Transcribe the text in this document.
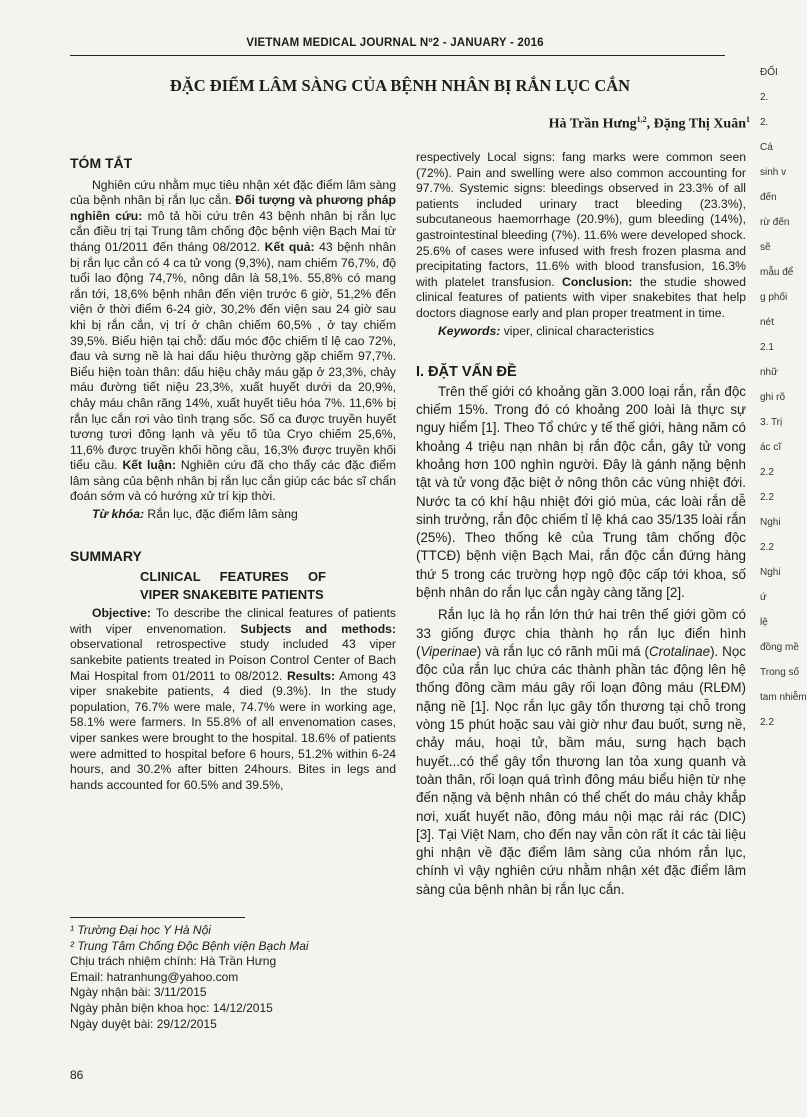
VIETNAM MEDICAL JOURNAL Nº2 - JANUARY - 2016
ĐẶC ĐIỂM LÂM SÀNG CỦA BỆNH NHÂN BỊ RẮN LỤC CẮN
Hà Trần Hưng$^{1,2}$, Đặng Thị Xuân$^1$
TÓM TẮT

Nghiên cứu nhằm mục tiêu nhận xét đặc điểm lâm sàng của bệnh nhân bị rắn lục cắn. Đối tượng và phương pháp nghiên cứu: mô tả hồi cứu trên 43 bệnh nhân bị rắn lục cắn điều trị tại Trung tâm chống độc bệnh viện Bạch Mai từ tháng 01/2011 đến tháng 08/2012. Kết quả: 43 bệnh nhân bị rắn lục cắn có 4 ca tử vong (9,3%), nam chiếm 76,7%, độ tuổi lao động 74,7%, nông dân là 58,1%. 55,8% có mang rắn tới, 18,6% bệnh nhân đến viện trước 6 giờ, 51,2% đến viện ở thời điểm 6-24 giờ, 30,2% đến viện sau 24 giờ sau khi bị rắn cắn, vị trí ở chân chiếm 60,5% , ở tay chiếm 39,5%. Biểu hiện tại chỗ: dấu móc độc chiếm tỉ lệ cao 72%, đau và sưng nề là hai dấu hiệu thường gặp chiếm 97,7%. Biểu hiện toàn thân: dấu hiệu chảy máu gặp ở 23,3%, chảy máu đường tiết niệu 23,3%, xuất huyết dưới da 20,9%, chảy máu chân răng 14%, xuất huyết tiêu hóa 7%. 11,6% bị rắn lục cắn rơi vào tình trạng sốc. Số ca được truyền huyết tương tươi đông lạnh và yếu tố tủa Cryo chiếm 25,6%, 11,6% được truyền khối hồng cầu, 16,3% được truyền khối tiểu cầu. Kết luận: Nghiên cứu đã cho thấy các đặc điểm lâm sàng của bệnh nhân bị rắn lục cắn giúp các bác sĩ chẩn đoán sớm và có hướng xử trí kịp thời.

Từ khóa: Rắn lục, đặc điểm lâm sàng

SUMMARY

CLINICAL FEATURES OF VIPER SNAKEBITE PATIENTS

Objective: To describe the clinical features of patients with viper envenomation. Subjects and methods: observational retrospective study included 43 viper sankebite patients treated in Poison Control Center of Bach Mai Hospital from 01/2011 to 08/2012. Results: Among 43 viper snakebite patients, 4 died (9.3%). In the study population, 76.7% were male, 74.7% were in working age, 58.1% were farmers. In 55.8% of all envenomation cases, viper sankes were brought to the hospital. 18.6% of patients were admitted to hospital before 6 hours, 51.2% within 6-24 hours, and 30.2% after bitten 24hours. Bites in legs and hands accounted for 60.5% and 39.5%,

respectively Local signs: fang marks were common seen (72%). Pain and swelling were also common accounting for 97.7%. Systemic signs: bleedings observed in 23.3% of all patients included urinary tract bleeding (23.3%), subcutaneous haemorrhage (20.9%), gum bleeding (14%), gastrointestinal bleeding (7%). 11.6% were developed shock. 25.6% of cases were infused with fresh frozen plasma and precipitating factors, 11.6% with blood transfusion, 16.3% with platelet transfusion. Conclusion: the studie showed clinical features of patients with viper snakebites that help doctors diagnose early and plan proper treatment in time.

Keywords: viper, clinical characteristics

I. ĐẶT VẤN ĐỀ

Trên thế giới có khoảng gần 3.000 loại rắn, rắn độc chiếm 15%. Trong đó có khoảng 200 loài là thực sự nguy hiểm [1]. Theo Tổ chức y tế thế giới, hàng năm có khoảng 4 triệu nạn nhân bị rắn độc cắn, gây tử vong khoảng hơn 100 nghìn người. Đây là gánh nặng bệnh tật và tử vong đặc biệt ở nông thôn các vùng nhiệt đới. Nước ta có khí hậu nhiệt đới gió mùa, các loài rắn dễ sinh trưởng, rắn độc chiếm tỉ lệ khá cao 35/135 loài rắn (25%). Theo thống kê của Trung tâm chống độc (TTCĐ) bệnh viện Bạch Mai, rắn độc cắn đứng hàng thứ 5 trong các trường hợp ngộ độc cấp tới khoa, số bệnh nhân do rắn lục cắn ngày càng tăng [2].

Rắn lục là họ rắn lớn thứ hai trên thế giới gồm có 33 giống được chia thành họ rắn lục điển hình (Viperinae) và rắn lục có rãnh mũi má (Crotalinae). Nọc độc của rắn lục chứa các thành phần tác động lên hệ thống đông cầm máu gây rối loạn đông máu (RLĐM) nặng nề [1]. Nọc rắn lục gây tổn thương tại chỗ trong vòng 15 phút hoặc sau vài giờ như đau buốt, sưng nề, chảy máu, hoại tử, bầm máu, sưng hạch bạch huyết...có thể gây tổn thương lan tỏa xung quanh và toàn thân, rối loạn quá trình đông máu biểu hiện từ nhẹ đến nặng và bệnh nhân có thể chết do máu chảy khắp nơi, xuất huyết não, đông máu nội mạc rải rác (DIC) [3]. Tại Việt Nam, cho đến nay vẫn còn rất ít các tài liệu ghi nhận về đặc điểm lâm sàng của nhóm rắn lục, chính vì vậy nghiên cứu nhằm nhận xét đặc điểm lâm sàng của bệnh nhân bị rắn lục cắn.

¹ Trường Đại học Y Hà Nội
² Trung Tâm Chống Độc Bệnh viện Bạch Mai
Chịu trách nhiệm chính: Hà Trần Hưng
Email: hatranhung@yahoo.com
Ngày nhận bài: 3/11/2015
Ngày phản biện khoa học: 14/12/2015
Ngày duyệt bài: 29/12/2015
86
ĐỐI
2.
2.
Cá
sinh v
đến
rừ đến
sẽ
mẫu để
g phối
nét
2.1
nhữ
ghi rõ
3. Trị
ác cĩ
2.2
2.2
Nghi
2.2
Nghi
ứ
lệ
đồng mề
Trong số
tam nhiễm
2.2
